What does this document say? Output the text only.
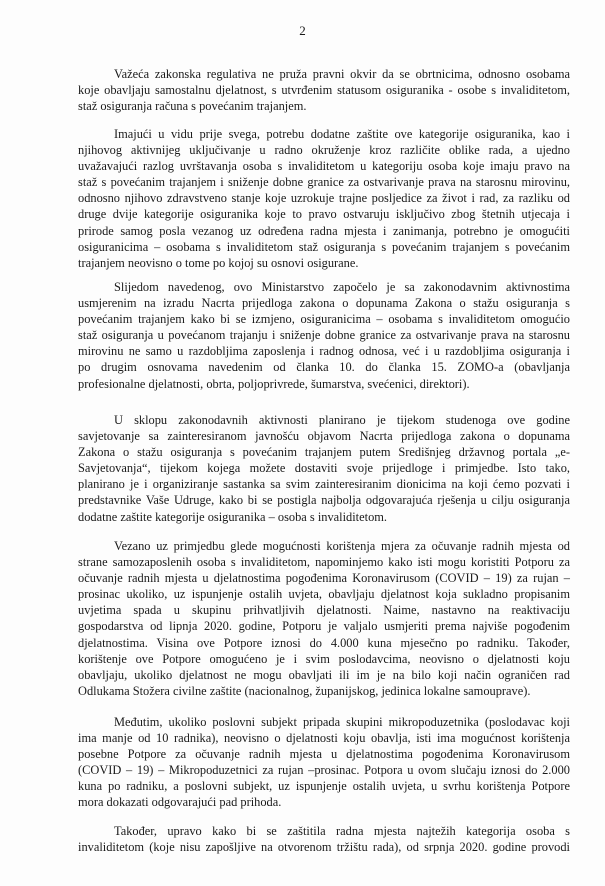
2
Važeća zakonska regulativa ne pruža pravni okvir da se obrtnicima, odnosno osobama
koje obavljaju samostalnu djelatnost, s utvrđenim statusom osiguranika - osobe s invaliditetom,
staž osiguranja računa s povećanim trajanjem.
Imajući u vidu prije svega, potrebu dodatne zaštite ove kategorije osiguranika, kao i
njihovog aktivnijeg uključivanje u radno okruženje kroz različite oblike rada, a ujedno
uvažavajući razlog uvrštavanja osoba s invaliditetom u kategoriju osoba koje imaju pravo na
staž s povećanim trajanjem i sniženje dobne granice za ostvarivanje prava na starosnu mirovinu,
odnosno njihovo zdravstveno stanje koje uzrokuje trajne posljedice za život i rad, za razliku od
druge dvije kategorije osiguranika koje to pravo ostvaruju isključivo zbog štetnih utjecaja i
prirode samog posla vezanog uz određena radna mjesta i zanimanja, potrebno je omogućiti
osiguranicima – osobama s invaliditetom staž osiguranja s povećanim trajanjem s povećanim
trajanjem neovisno o tome po kojoj su osnovi osigurane.
Slijedom navedenog, ovo Ministarstvo započelo je sa zakonodavnim aktivnostima
usmjerenim na izradu Nacrta prijedloga zakona o dopunama Zakona o stažu osiguranja s
povećanim trajanjem kako bi se izmjeno, osiguranicima – osobama s invaliditetom omogućio
staž osiguranja u povećanom trajanju i sniženje dobne granice za ostvarivanje prava na starosnu
mirovinu ne samo u razdobljima zaposlenja i radnog odnosa, već i u razdobljima osiguranja i
po drugim osnovama navedenim od članka 10. do članka 15. ZOMO-a (obavljanja
profesionalne djelatnosti, obrta, poljoprivrede, šumarstva, svećenici, direktori).
U sklopu zakonodavnih aktivnosti planirano je tijekom studenoga ove godine
savjetovanje sa zainteresiranom javnošću objavom Nacrta prijedloga zakona o dopunama
Zakona o stažu osiguranja s povećanim trajanjem putem Središnjeg državnog portala „e-
Savjetovanja“, tijekom kojega možete dostaviti svoje prijedloge i primjedbe. Isto tako,
planirano je i organiziranje sastanka sa svim zainteresiranim dionicima na koji ćemo pozvati i
predstavnike Vaše Udruge, kako bi se postigla najbolja odgovarajuća rješenja u cilju osiguranja
dodatne zaštite kategorije osiguranika – osoba s invaliditetom.
Vezano uz primjedbu glede mogućnosti korištenja mjera za očuvanje radnih mjesta od
strane samozaposlenih osoba s invaliditetom, napominjemo kako isti mogu koristiti Potporu za
očuvanje radnih mjesta u djelatnostima pogođenima Koronavirusom (COVID – 19) za rujan –
prosinac ukoliko, uz ispunjenje ostalih uvjeta, obavljaju djelatnost koja sukladno propisanim
uvjetima spada u skupinu prihvatljivih djelatnosti. Naime, nastavno na reaktivaciju
gospodarstva od lipnja 2020. godine, Potporu je valjalo usmjeriti prema najviše pogođenim
djelatnostima. Visina ove Potpore iznosi do 4.000 kuna mjesečno po radniku. Također,
korištenje ove Potpore omogućeno je i svim poslodavcima, neovisno o djelatnosti koju
obavljaju, ukoliko djelatnost ne mogu obavljati ili im je na bilo koji način ograničen rad
Odlukama Stožera civilne zaštite (nacionalnog, županijskog, jedinica lokalne samouprave).
Međutim, ukoliko poslovni subjekt pripada skupini mikropoduzetnika (poslodavac koji
ima manje od 10 radnika), neovisno o djelatnosti koju obavlja, isti ima mogućnost korištenja
posebne Potpore za očuvanje radnih mjesta u djelatnostima pogođenima Koronavirusom
(COVID – 19) – Mikropoduzetnici za rujan –prosinac. Potpora u ovom slučaju iznosi do 2.000
kuna po radniku, a poslovni subjekt, uz ispunjenje ostalih uvjeta, u svrhu korištenja Potpore
mora dokazati odgovarajući pad prihoda.
Također, upravo kako bi se zaštitila radna mjesta najtežih kategorija osoba s
invaliditetom (koje nisu zapošljive na otvorenom tržištu rada), od srpnja 2020. godine provodi
